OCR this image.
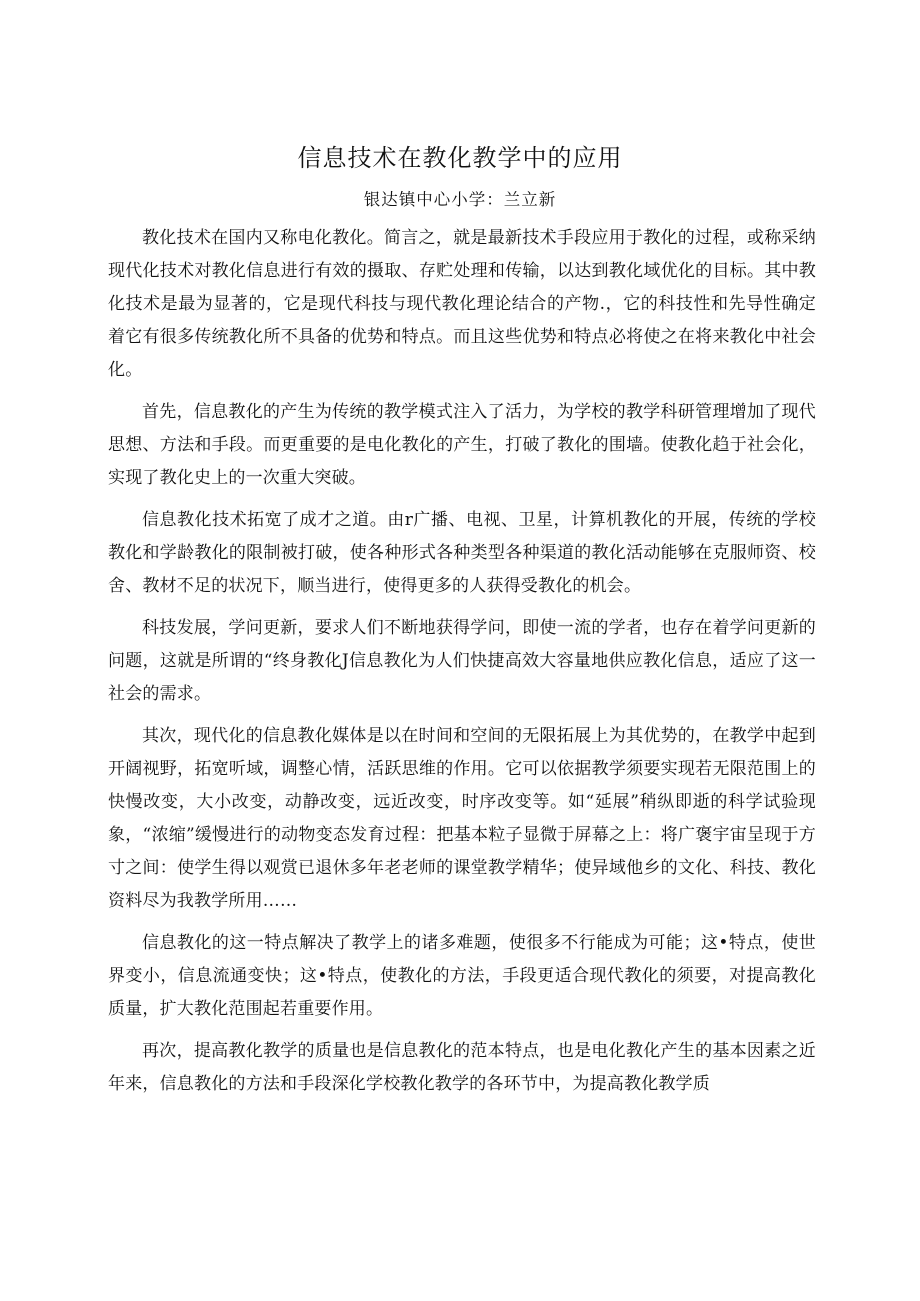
信息技术在教化教学中的应用
银达镇中心小学：兰立新

教化技术在国内又称电化教化。简言之，就是最新技术手段应用于教化的过程，或称采纳现代化技术对教化信息进行有效的摄取、存贮处理和传输，以达到教化域优化的目标。其中教化技术是最为显著的，它是现代科技与现代教化理论结合的产物.，它的科技性和先导性确定着它有很多传统教化所不具备的优势和特点。而且这些优势和特点必将使之在将来教化中社会化。

首先，信息教化的产生为传统的教学模式注入了活力，为学校的教学科研管理增加了现代思想、方法和手段。而更重要的是电化教化的产生，打破了教化的围墙。使教化趋于社会化，实现了教化史上的一次重大突破。

信息教化技术拓宽了成才之道。由r广播、电视、卫星，计算机教化的开展，传统的学校教化和学龄教化的限制被打破，使各种形式各种类型各种渠道的教化活动能够在克服师资、校舍、教材不足的状况下，顺当进行，使得更多的人获得受教化的机会。

科技发展，学问更新，要求人们不断地获得学问，即使一流的学者，也存在着学问更新的问题，这就是所谓的“终身教化J信息教化为人们快捷高效大容量地供应教化信息，适应了这一社会的需求。

其次，现代化的信息教化媒体是以在时间和空间的无限拓展上为其优势的，在教学中起到开阔视野，拓宽听域，调整心情，活跃思维的作用。它可以依据教学须要实现若无限范围上的快慢改变，大小改变，动静改变，远近改变，时序改变等。如“延展”稍纵即逝的科学试验现象，“浓缩”缓慢进行的动物变态发育过程：把基本粒子显微于屏幕之上：将广褒宇宙呈现于方寸之间：使学生得以观赏已退休多年老老师的课堂教学精华；使异域他乡的文化、科技、教化资料尽为我教学所用……

信息教化的这一特点解决了教学上的诸多难题，使很多不行能成为可能；这•特点，使世界变小，信息流通变快；这•特点，使教化的方法，手段更适合现代教化的须要，对提高教化质量，扩大教化范围起若重要作用。

再次，提高教化教学的质量也是信息教化的范本特点，也是电化教化产生的基本因素之近年来，信息教化的方法和手段深化学校教化教学的各环节中，为提高教化教学质
